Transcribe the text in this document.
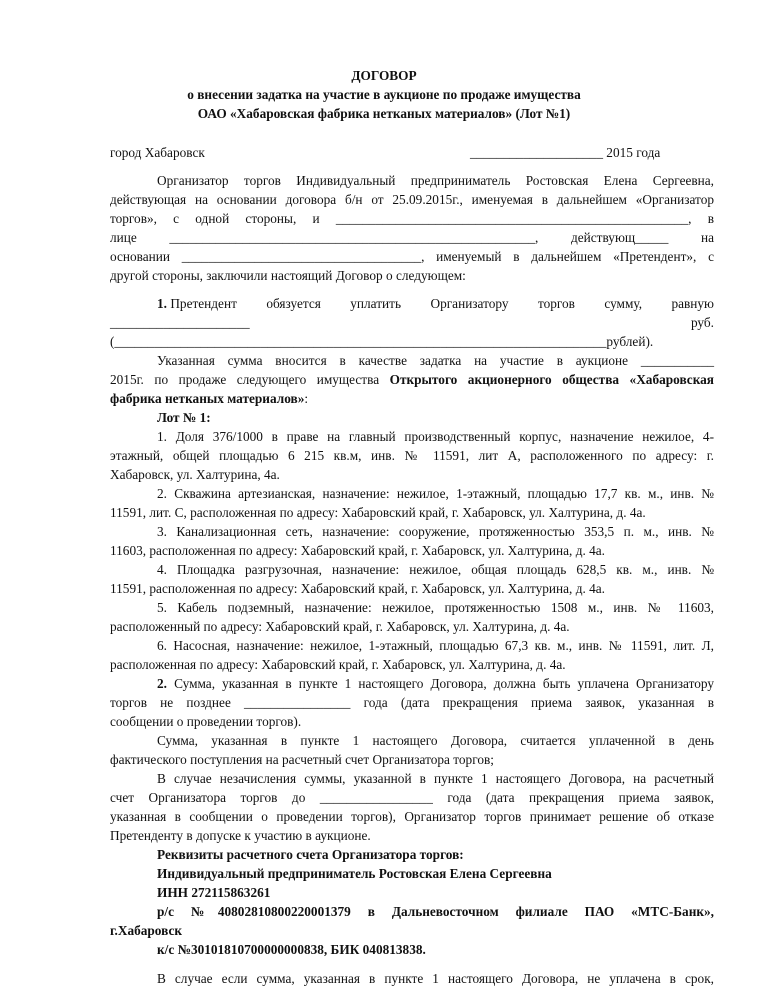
ДОГОВОР
о внесении задатка на участие в аукционе по продаже имущества
ОАО «Хабаровская фабрика нетканых материалов» (Лот №1)
город Хабаровск	____________________ 2015 года
Организатор торгов Индивидуальный предприниматель Ростовская Елена Сергеевна,
действующая на основании договора б/н от 25.09.2015г., именуемая в дальнейшем «Организатор
торгов», с одной стороны, и _____________________________________________________, в
лице _______________________________________________________, действующ_____ на
основании ____________________________________, именуемый в дальнейшем «Претендент», с
другой стороны, заключили настоящий Договор о следующем:
1. Претендент обязуется уплатить Организатору торгов сумму, равную
_____________________	руб.
(__________________________________________________________________________рублей).
Указанная сумма вносится в качестве задатка на участие в аукционе ___________
2015г. по продаже следующего имущества Открытого акционерного общества «Хабаровская
фабрика нетканых материалов»:
Лот № 1:
1. Доля 376/1000 в праве на главный производственный корпус, назначение нежилое, 4-
этажный, общей площадью 6 215 кв.м, инв. № 11591, лит А, расположенного по адресу: г.
Хабаровск, ул. Халтурина, 4а.
2. Скважина артезианская, назначение: нежилое, 1-этажный, площадью 17,7 кв. м., инв. №
11591, лит. С, расположенная по адресу: Хабаровский край, г. Хабаровск, ул. Халтурина, д. 4а.
3. Канализационная сеть, назначение: сооружение, протяженностью 353,5 п. м., инв. №
11603, расположенная по адресу: Хабаровский край, г. Хабаровск, ул. Халтурина, д. 4а.
4. Площадка разгрузочная, назначение: нежилое, общая площадь 628,5 кв. м., инв. №
11591, расположенная по адресу: Хабаровский край, г. Хабаровск, ул. Халтурина, д. 4а.
5. Кабель подземный, назначение: нежилое, протяженностью 1508 м., инв. № 11603,
расположенный по адресу: Хабаровский край, г. Хабаровск, ул. Халтурина, д. 4а.
6. Насосная, назначение: нежилое, 1-этажный, площадью 67,3 кв. м., инв. № 11591, лит. Л,
расположенная по адресу: Хабаровский край, г. Хабаровск, ул. Халтурина, д. 4а.
2. Сумма, указанная в пункте 1 настоящего Договора, должна быть уплачена Организатору
торгов не позднее ________________ года (дата прекращения приема заявок, указанная в
сообщении о проведении торгов).
Сумма, указанная в пункте 1 настоящего Договора, считается уплаченной в день
фактического поступления на расчетный счет Организатора торгов;
В случае незачисления суммы, указанной в пункте 1 настоящего Договора, на расчетный
счет Организатора торгов до _________________ года (дата прекращения приема заявок,
указанная в сообщении о проведении торгов), Организатор торгов принимает решение об отказе
Претенденту в допуске к участию в аукционе.
Реквизиты расчетного счета Организатора торгов:
Индивидуальный предприниматель Ростовская Елена Сергеевна
ИНН 272115863261
р/с №40802810800220001379 в Дальневосточном филиале ПАО «МТС-Банк»,
г.Хабаровск
к/с №30101810700000000838, БИК 040813838.
В случае если сумма, указанная в пункте 1 настоящего Договора, не уплачена в срок,
